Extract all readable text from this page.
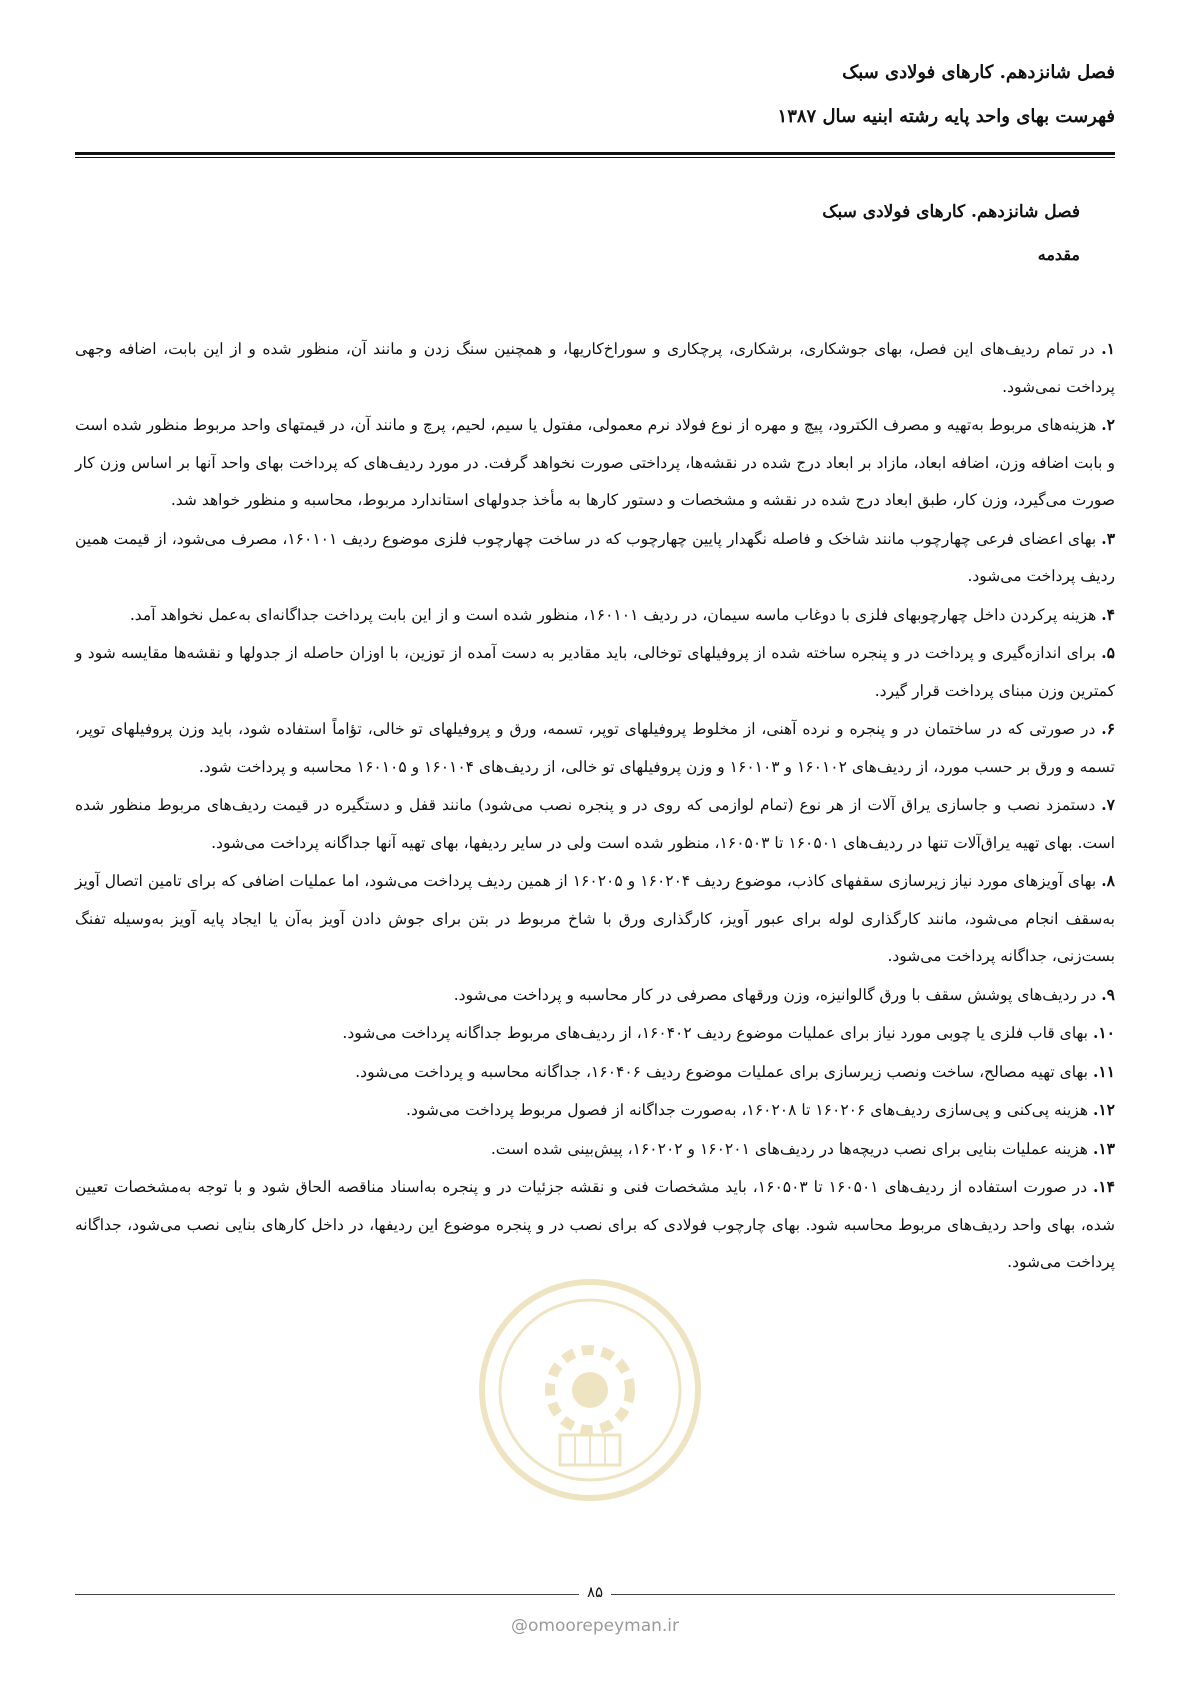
فصل شانزدهم. کارهای فولادی سبک
فهرست بهای واحد پایه رشته ابنیه سال ۱۳۸۷
فصل شانزدهم. کارهای فولادی سبک
مقدمه

۱. در تمام ردیف‌های این فصل، بهای جوشکاری، برشکاری، پرچکاری و سوراخ‌کاریها، و همچنین سنگ زدن و مانند آن، منظور شده و از این بابت، اضافه وجهی پرداخت نمی‌شود.

۲. هزینه‌های مربوط به‌تهیه و مصرف الکترود، پیچ و مهره از نوع فولاد نرم معمولی، مفتول یا سیم، لحیم، پرچ و مانند آن، در قیمتهای واحد مربوط منظور شده است و بابت اضافه وزن، اضافه ابعاد، مازاد بر ابعاد درج شده در نقشه‌ها، پرداختی صورت نخواهد گرفت. در مورد ردیف‌های که پرداخت بهای واحد آنها بر اساس وزن کار صورت می‌گیرد، وزن کار، طبق ابعاد درج شده در نقشه و مشخصات و دستور کارها به مأخذ جدولهای استاندارد مربوط، محاسبه و منظور خواهد شد.

۳. بهای اعضای فرعی چهارچوب مانند شاخک و فاصله نگهدار پایین چهارچوب که در ساخت چهارچوب فلزی موضوع ردیف ۱۶۰۱۰۱، مصرف می‌شود، از قیمت همین ردیف پرداخت می‌شود.

۴. هزینه پرکردن داخل چهارچوبهای فلزی با دوغاب ماسه سیمان، در ردیف ۱۶۰۱۰۱، منظور شده است و از این بابت پرداخت جداگانه‌ای به‌عمل نخواهد آمد.

۵. برای اندازه‌گیری و پرداخت در و پنجره ساخته شده از پروفیلهای توخالی، باید مقادیر به دست آمده از توزین، با اوزان حاصله از جدولها و نقشه‌ها مقایسه شود و کمترین وزن مبنای پرداخت قرار گیرد.

۶. در صورتی که در ساختمان در و پنجره و نرده آهنی، از مخلوط پروفیلهای توپر، تسمه، ورق و پروفیلهای تو خالی، تؤاماً استفاده شود، باید وزن پروفیلهای توپر، تسمه و ورق بر حسب مورد، از ردیف‌های ۱۶۰۱۰۲ و ۱۶۰۱۰۳ و وزن پروفیلهای تو خالی، از ردیف‌های ۱۶۰۱۰۴ و ۱۶۰۱۰۵ محاسبه و پرداخت شود.

۷. دستمزد نصب و جاسازی یراق آلات از هر نوع (تمام لوازمی که روی در و پنجره نصب می‌شود) مانند قفل و دستگیره در قیمت ردیف‌های مربوط منظور شده است. بهای تهیه یراق‌آلات تنها در ردیف‌های ۱۶۰۵۰۱ تا ۱۶۰۵۰۳، منظور شده است ولی در سایر ردیفها، بهای تهیه آنها جداگانه پرداخت می‌شود.

۸. بهای آویزهای مورد نیاز زیرسازی سقفهای کاذب، موضوع ردیف ۱۶۰۲۰۴ و ۱۶۰۲۰۵ از همین ردیف پرداخت می‌شود، اما عملیات اضافی که برای تامین اتصال آویز به‌سقف انجام می‌شود، مانند کارگذاری لوله برای عبور آویز، کارگذاری ورق با شاخ مربوط در بتن برای جوش دادن آویز به‌آن یا ایجاد پایه آویز به‌وسیله تفنگ بست‌زنی، جداگانه پرداخت می‌شود.

۹. در ردیف‌های پوشش سقف با ورق گالوانیزه، وزن ورقهای مصرفی در کار محاسبه و پرداخت می‌شود.

۱۰. بهای قاب فلزی یا چوبی مورد نیاز برای عملیات موضوع ردیف ۱۶۰۴۰۲، از ردیف‌های مربوط جداگانه پرداخت می‌شود.

۱۱. بهای تهیه مصالح، ساخت ونصب زیرسازی برای عملیات موضوع ردیف ۱۶۰۴۰۶، جداگانه محاسبه و پرداخت می‌شود.

۱۲. هزینه پی‌کنی و پی‌سازی ردیف‌های ۱۶۰۲۰۶ تا ۱۶۰۲۰۸، به‌صورت جداگانه از فصول مربوط پرداخت می‌شود.

۱۳. هزینه عملیات بنایی برای نصب دریچه‌ها در ردیف‌های ۱۶۰۲۰۱ و ۱۶۰۲۰۲، پیش‌بینی شده است.

۱۴. در صورت استفاده از ردیف‌های ۱۶۰۵۰۱ تا ۱۶۰۵۰۳، باید مشخصات فنی و نقشه جزئیات در و پنجره به‌اسناد مناقصه الحاق شود و با توجه به‌مشخصات تعیین شده، بهای واحد ردیف‌های مربوط محاسبه شود. بهای چارچوب فولادی که برای نصب در و پنجره موضوع این ردیفها، در داخل کارهای بنایی نصب می‌شود، جداگانه پرداخت می‌شود.

۸۵
@omoorepeyman.ir
